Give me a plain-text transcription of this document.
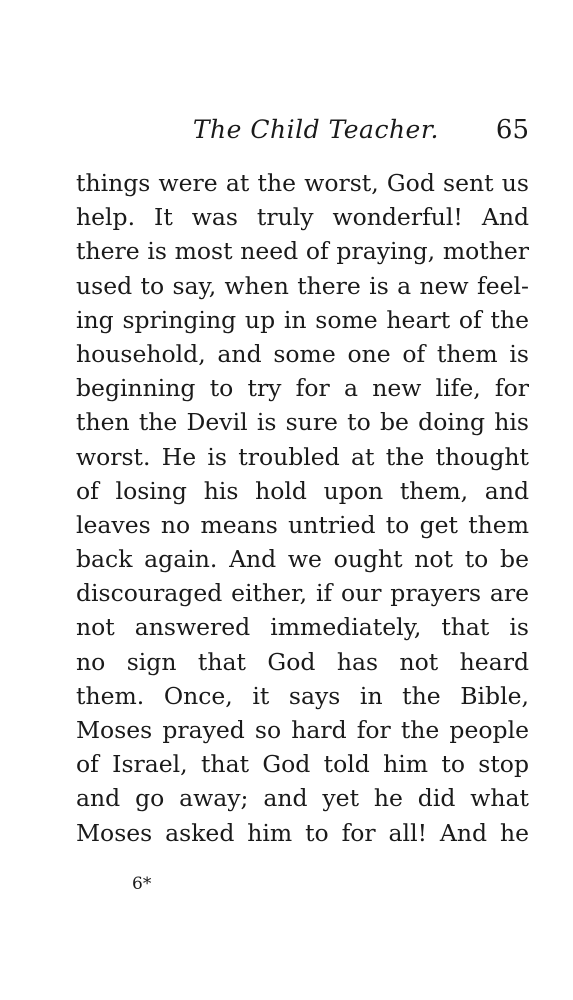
The Child Teacher. 65
things were at the worst, God sent us
help. It was truly wonderful! And
there is most need of praying, mother
used to say, when there is a new feel-
ing springing up in some heart of the
household, and some one of them is
beginning to try for a new life, for
then the Devil is sure to be doing his
worst. He is troubled at the thought
of losing his hold upon them, and
leaves no means untried to get them
back again. And we ought not to be
discouraged either, if our prayers are
not answered immediately, that is
no sign that God has not heard
them. Once, it says in the Bible,
Moses prayed so hard for the people
of Israel, that God told him to stop
and go away; and yet he did what
Moses asked him to for all! And he
6*
